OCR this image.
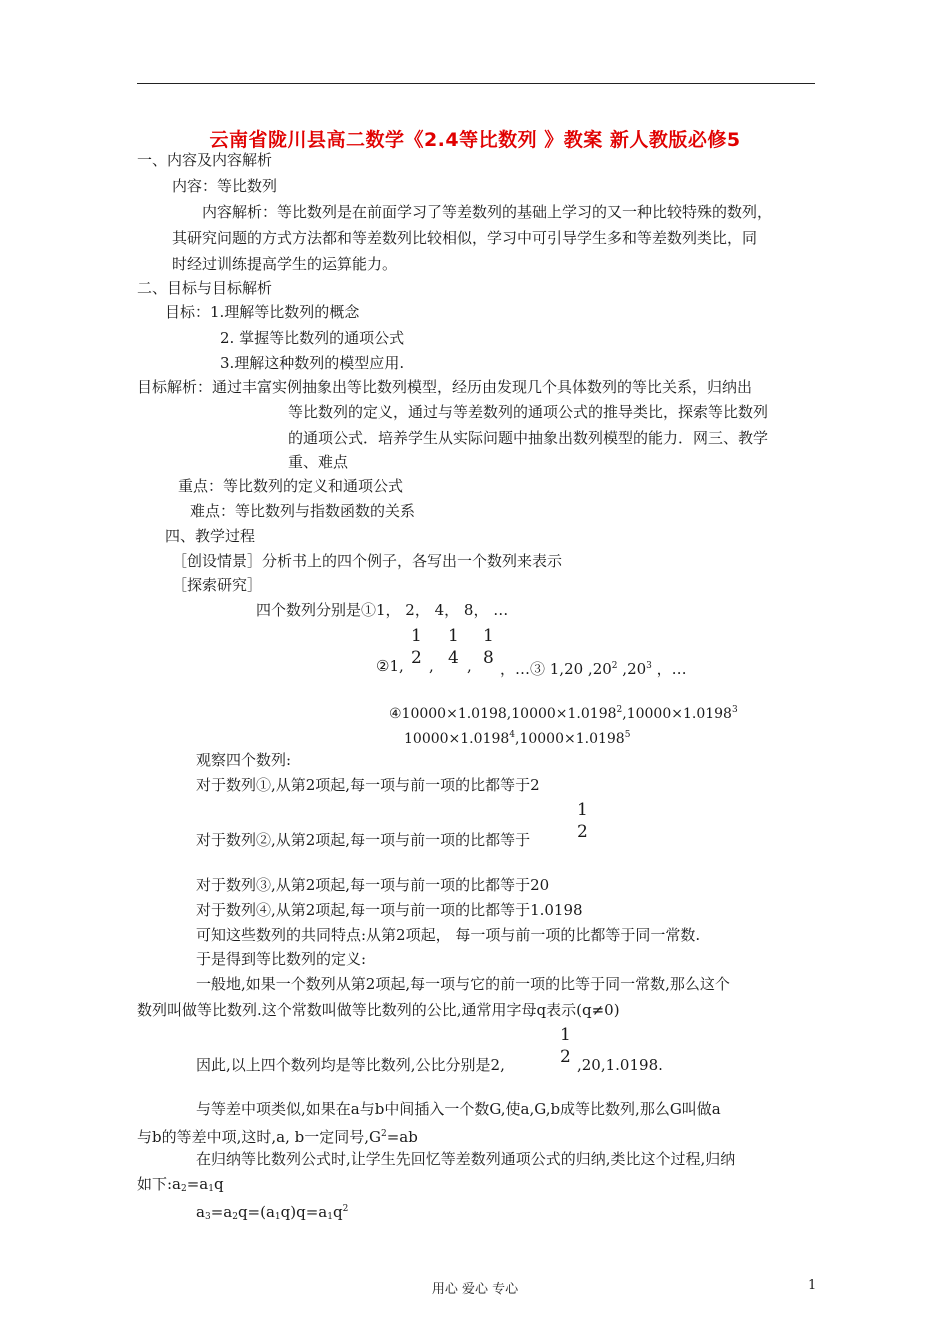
云南省陇川县高二数学《2.4等比数列 》教案 新人教版必修5
一、内容及内容解析
内容：等比数列
内容解析：等比数列是在前面学习了等差数列的基础上学习的又一种比较特殊的数列，
其研究问题的方式方法都和等差数列比较相似，学习中可引导学生多和等差数列类比，同
时经过训练提高学生的运算能力。
二、目标与目标解析
目标：1.理解等比数列的概念
2. 掌握等比数列的通项公式
3.理解这种数列的模型应用.
目标解析：通过丰富实例抽象出等比数列模型，经历由发现几个具体数列的等比关系，归纳出
等比数列的定义，通过与等差数列的通项公式的推导类比，探索等比数列
的通项公式．培养学生从实际问题中抽象出数列模型的能力．网三、教学
重、难点
重点：等比数列的定义和通项公式
难点：等比数列与指数函数的关系
四、教学过程
［创设情景］分析书上的四个例子，各写出一个数列来表示
［探索研究］
四个数列分别是①1， 2， 4， 8， …
②1,
1
2 ,
1
4 ,
1
8
，…③ 1,20 $,20^2$ $,20^3$ ，…
$④10000\times 1.0198,10000\times 1.0198^2,10000\times 1.0198^3$
$10000\times 1.0198^4,10000\times 1.0198^5$
观察四个数列:
对于数列①,从第2项起,每一项与前一项的比都等于2
对于数列②,从第2项起,每一项与前一项的比都等于
1
2
对于数列③,从第2项起,每一项与前一项的比都等于20
对于数列④,从第2项起,每一项与前一项的比都等于1.0198
可知这些数列的共同特点:从第2项起， 每一项与前一项的比都等于同一常数.
于是得到等比数列的定义:
一般地,如果一个数列从第2项起,每一项与它的前一项的比等于同一常数,那么这个
数列叫做等比数列.这个常数叫做等比数列的公比,通常用字母q表示(q≠0)
因此,以上四个数列均是等比数列,公比分别是2,
1
2 ,20,1.0198.
与等差中项类似,如果在a与b中间插入一个数G,使a,G,b成等比数列,那么G叫做a
与b的等差中项,这时,a, b一定同号$,G^2=ab$
在归纳等比数列公式时,让学生先回忆等差数列通项公式的归纳,类比这个过程,归纳
如下$:a_2=a_1q$
$a_3=a_2q=(a_1q)q=a_1q^2$
用心 爱心 专心	1
